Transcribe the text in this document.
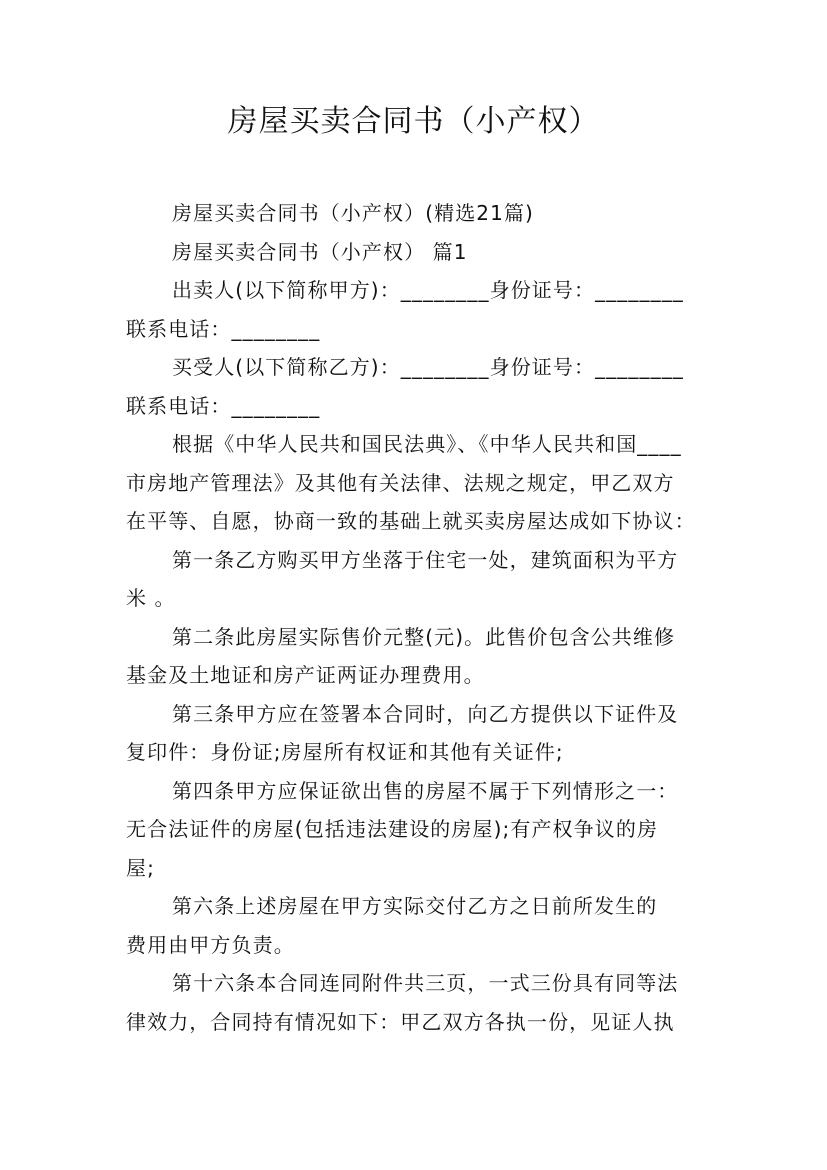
房屋买卖合同书（小产权）
房屋买卖合同书（小产权）(精选21篇)
房屋买卖合同书（小产权） 篇1
出卖人(以下简称甲方)：________身份证号：________
联系电话：________
买受人(以下简称乙方)：________身份证号：________
联系电话：________
根据《中华人民共和国民法典》、《中华人民共和国____
市房地产管理法》及其他有关法律、法规之规定，甲乙双方
在平等、自愿，协商一致的基础上就买卖房屋达成如下协议：
第一条乙方购买甲方坐落于住宅一处，建筑面积为平方
米 。
第二条此房屋实际售价元整(元)。此售价包含公共维修
基金及土地证和房产证两证办理费用。
第三条甲方应在签署本合同时，向乙方提供以下证件及
复印件：身份证;房屋所有权证和其他有关证件;
第四条甲方应保证欲出售的房屋不属于下列情形之一：
无合法证件的房屋(包括违法建设的房屋);有产权争议的房
屋;
第六条上述房屋在甲方实际交付乙方之日前所发生的
费用由甲方负责。
第十六条本合同连同附件共三页，一式三份具有同等法
律效力，合同持有情况如下：甲乙双方各执一份，见证人执
